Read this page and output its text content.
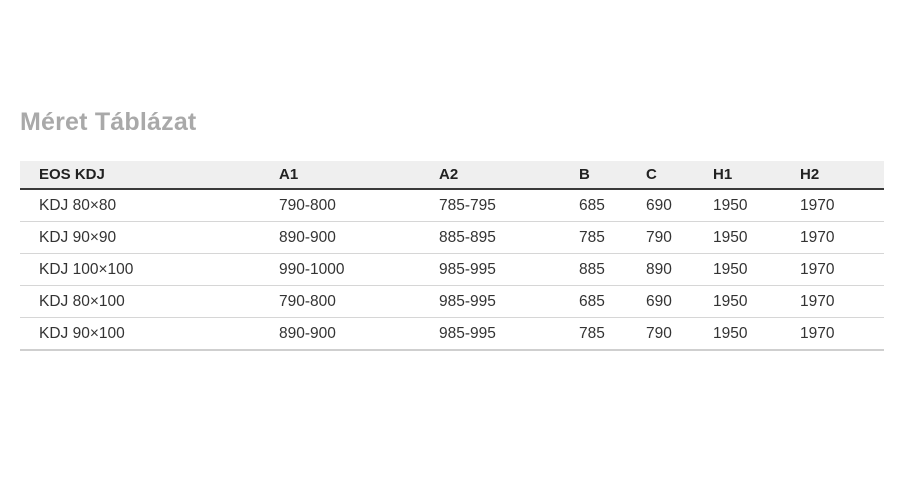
Méret Táblázat
EOS KDJ	A1	A2	B	C	H1	H2
KDJ 80×80	790-800	785-795	685	690	1950	1970
KDJ 90×90	890-900	885-895	785	790	1950	1970
KDJ 100×100	990-1000	985-995	885	890	1950	1970
KDJ 80×100	790-800	985-995	685	690	1950	1970
KDJ 90×100	890-900	985-995	785	790	1950	1970
